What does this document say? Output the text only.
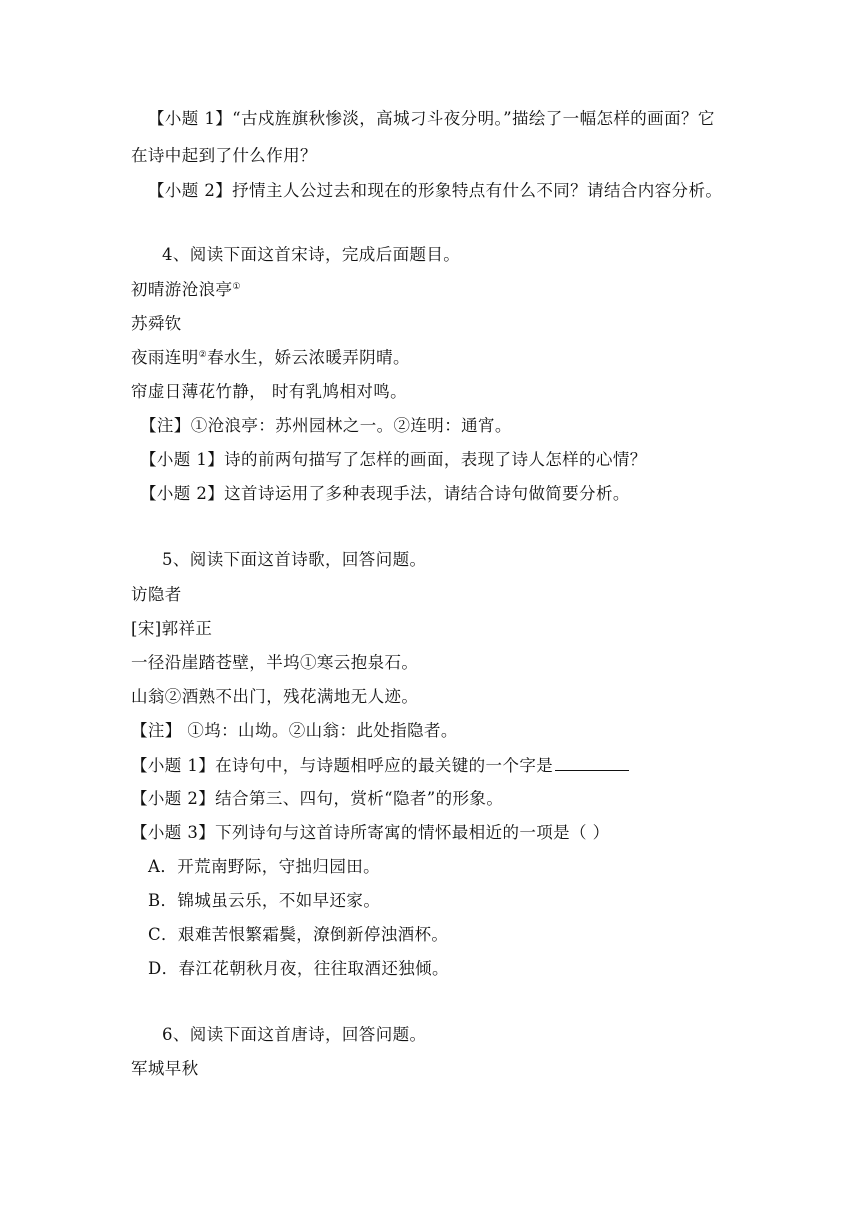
【小题 1】“古戍旌旗秋惨淡，高城刁斗夜分明。”描绘了一幅怎样的画面？它
在诗中起到了什么作用？
【小题 2】抒情主人公过去和现在的形象特点有什么不同？请结合内容分析。
4、阅读下面这首宋诗，完成后面题目。
初晴游沧浪亭①
苏舜钦
夜雨连明②春水生，娇云浓暖弄阴晴。
帘虚日薄花竹静， 时有乳鸠相对鸣。
【注】①沧浪亭：苏州园林之一。②连明：通宵。
【小题 1】诗的前两句描写了怎样的画面，表现了诗人怎样的心情？
【小题 2】这首诗运用了多种表现手法，请结合诗句做简要分析。
5、阅读下面这首诗歌，回答问题。
访隐者
[宋]郭祥正
一径沿崖踏苍壁，半坞①寒云抱泉石。
山翁②酒熟不出门，残花满地无人迹。
【注】 ①坞：山坳。②山翁：此处指隐者。
【小题 1】在诗句中，与诗题相呼应的最关键的一个字是
【小题 2】结合第三、四句，赏析“隐者”的形象。
【小题 3】下列诗句与这首诗所寄寓的情怀最相近的一项是（ ）
A．开荒南野际，守拙归园田。
B．锦城虽云乐，不如早还家。
C．艰难苦恨繁霜鬓，潦倒新停浊酒杯。
D．春江花朝秋月夜，往往取酒还独倾。
6、阅读下面这首唐诗，回答问题。
军城早秋
